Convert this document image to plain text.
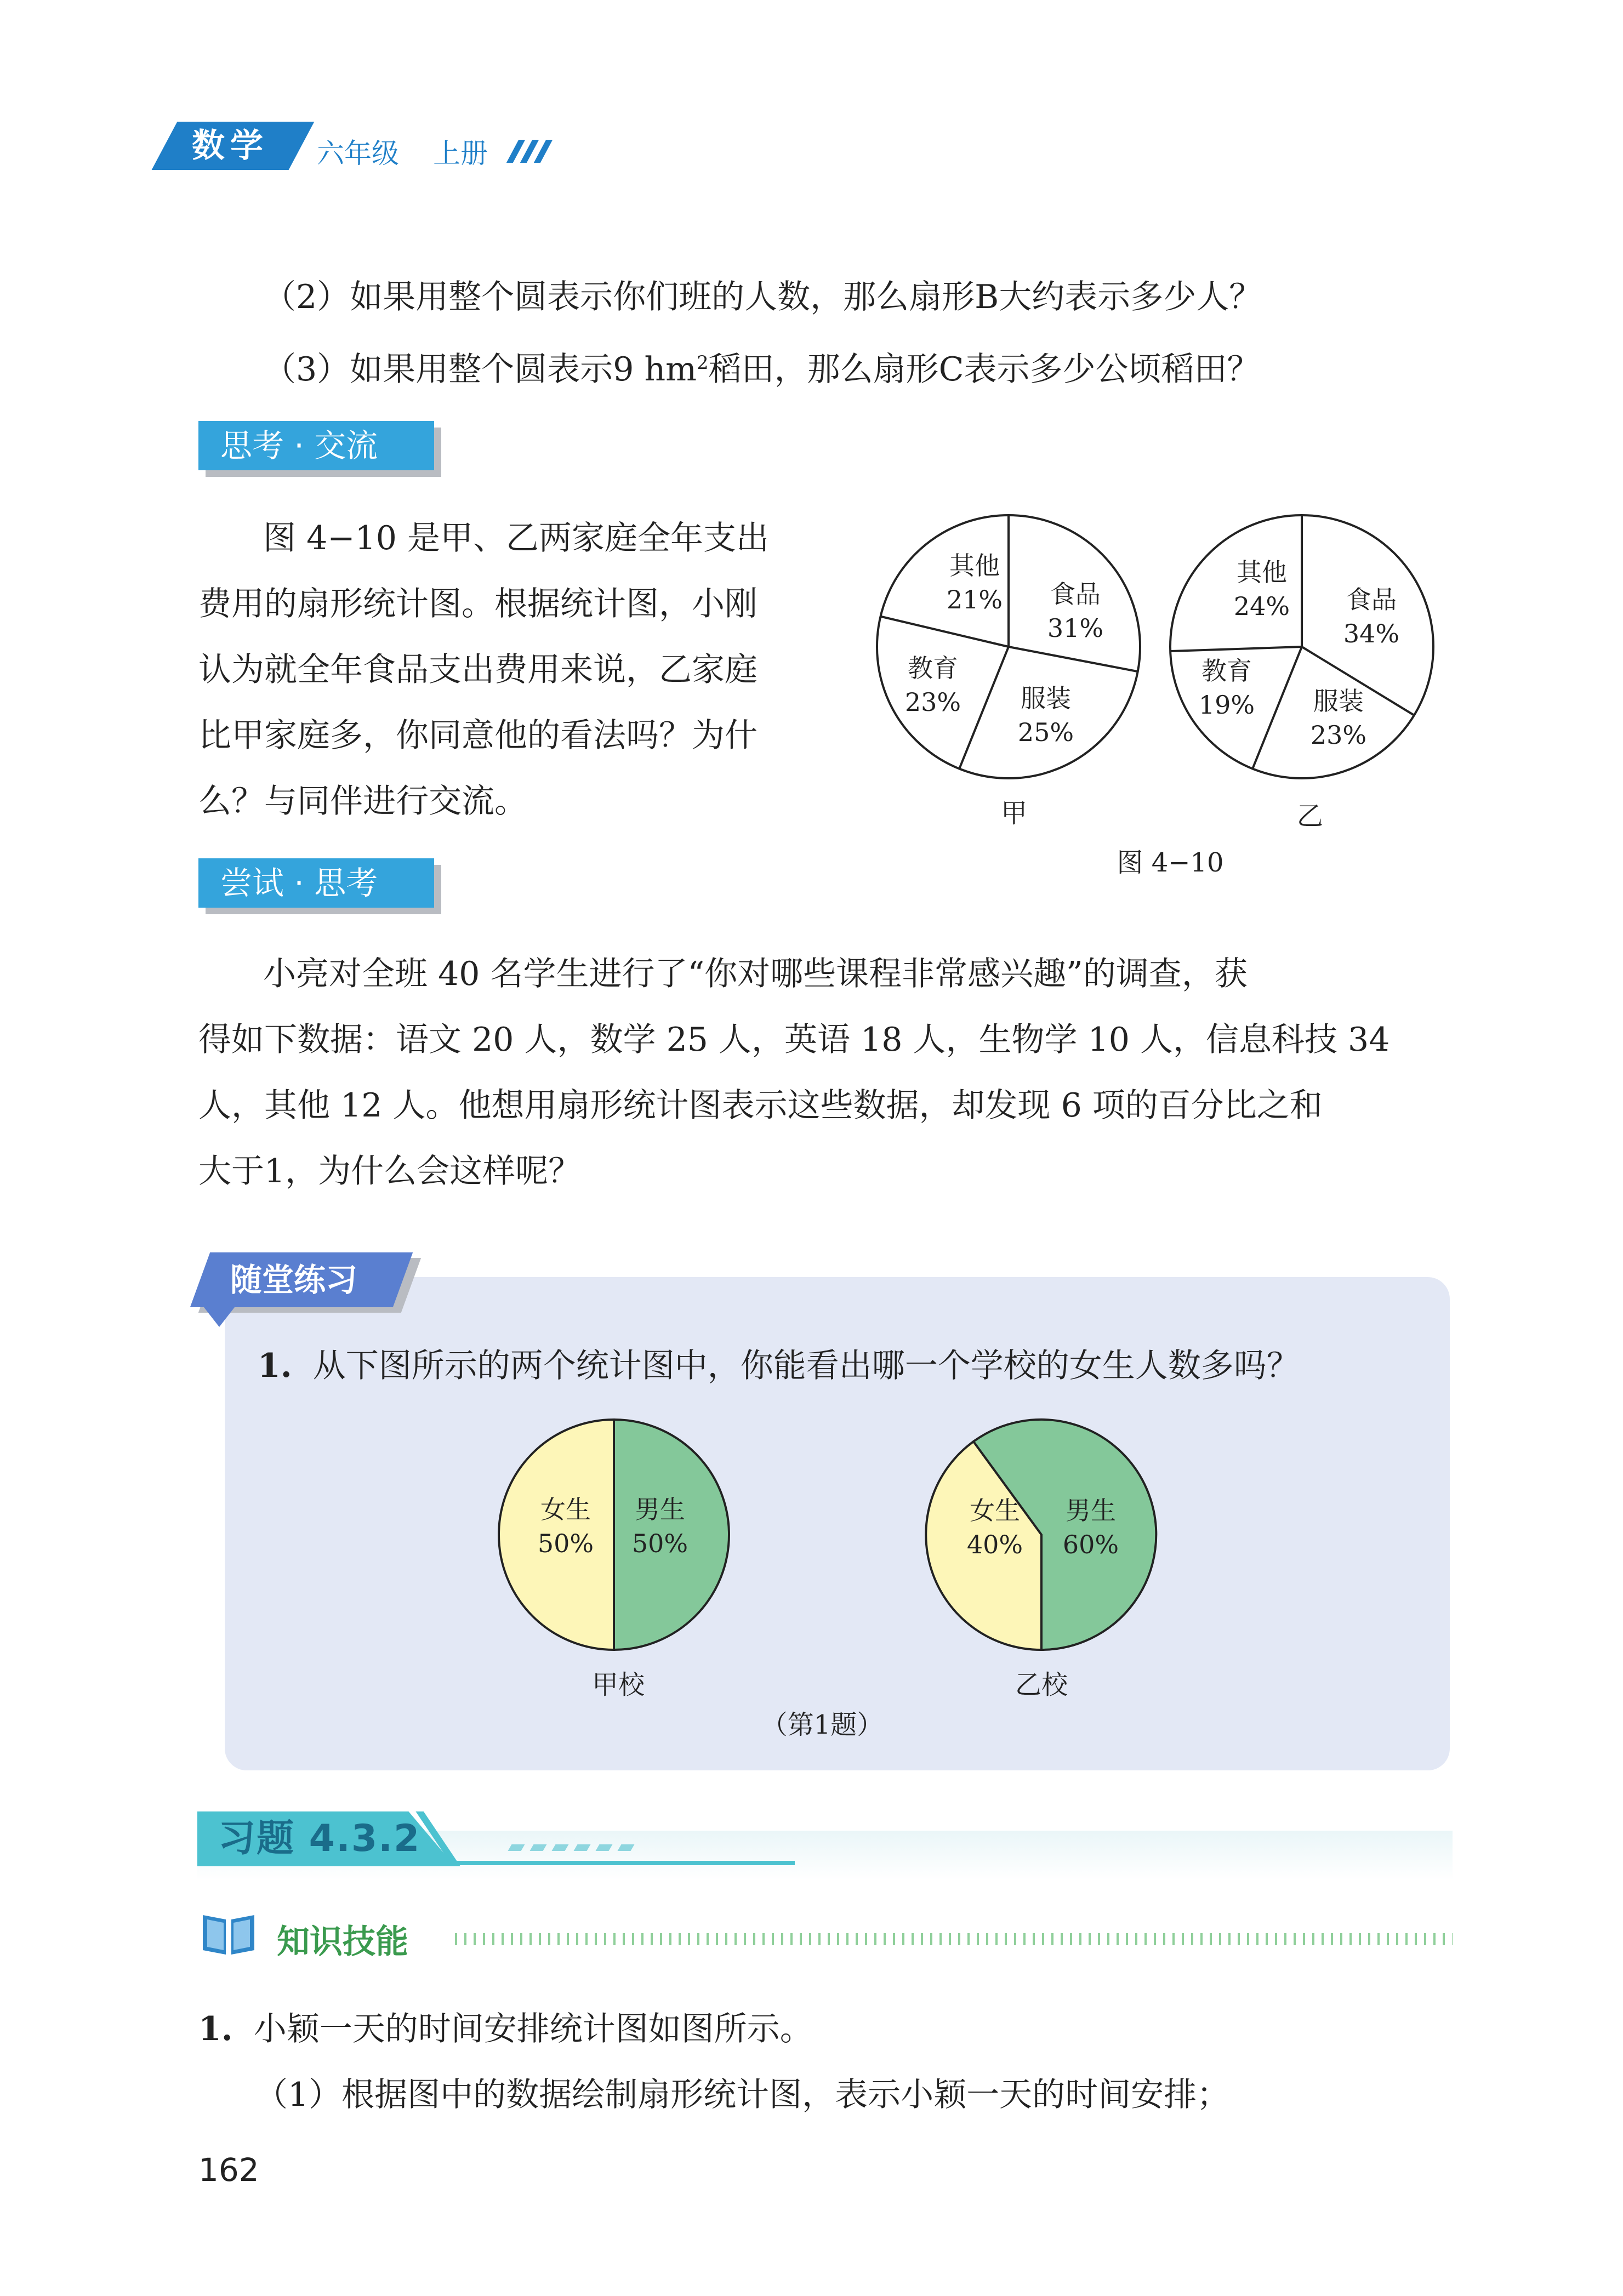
数学 六年级 上册
（2）如果用整个圆表示你们班的人数，那么扇形B大约表示多少人？
（3）如果用整个圆表示9 $hm^2$稻田，那么扇形C表示多少公顷稻田？
思考 · 交流
图 4−10 是甲、乙两家庭全年支出
费用的扇形统计图。根据统计图，小刚
认为就全年食品支出费用来说，乙家庭
比甲家庭多，你同意他的看法吗？为什
么？与同伴进行交流。
其他
21% 食品
31%
服装
25%
教育
23%
甲
其他
24% 食品
34%
服装
23%
教育
19%
乙
图 4−10
尝试 · 思考
小亮对全班 40 名学生进行了“你对哪些课程非常感兴趣”的调查，获
得如下数据：语文 20 人，数学 25 人，英语 18 人，生物学 10 人，信息科技 34
人，其他 12 人。他想用扇形统计图表示这些数据，却发现 6 项的百分比之和
大于1，为什么会这样呢？
随堂练习
1. 从下图所示的两个统计图中，你能看出哪一个学校的女生人数多吗？
女生
50%
男生
50%
甲校
女生
40%
男生
60%
乙校
（第1题）
习题 4.3.2
知识技能
1. 小颖一天的时间安排统计图如图所示。
（1）根据图中的数据绘制扇形统计图，表示小颖一天的时间安排；
162
